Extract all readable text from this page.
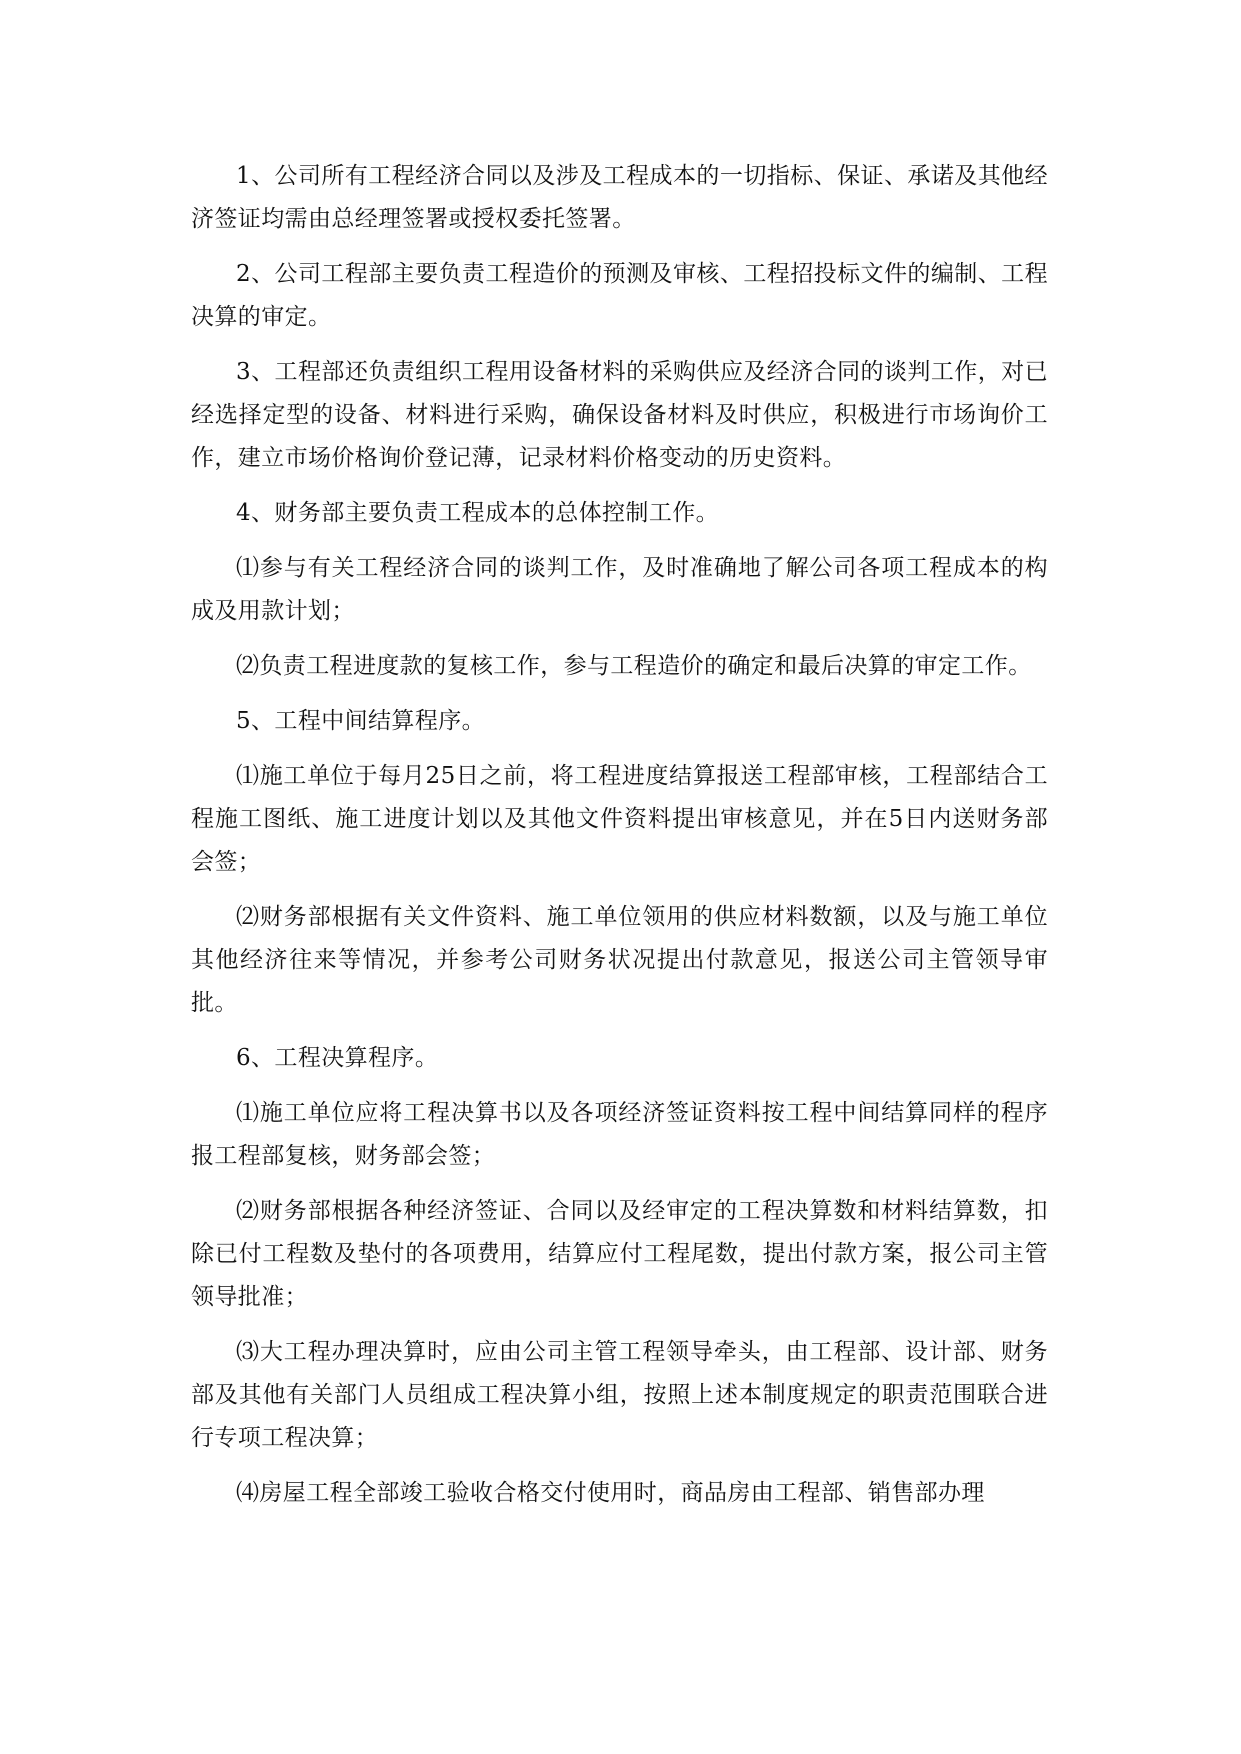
1、公司所有工程经济合同以及涉及工程成本的一切指标、保证、承诺及其他经济签证均需由总经理签署或授权委托签署。

2、公司工程部主要负责工程造价的预测及审核、工程招投标文件的编制、工程决算的审定。

3、工程部还负责组织工程用设备材料的采购供应及经济合同的谈判工作，对已经选择定型的设备、材料进行采购，确保设备材料及时供应，积极进行市场询价工作，建立市场价格询价登记薄，记录材料价格变动的历史资料。

4、财务部主要负责工程成本的总体控制工作。

⑴参与有关工程经济合同的谈判工作，及时准确地了解公司各项工程成本的构成及用款计划；

⑵负责工程进度款的复核工作，参与工程造价的确定和最后决算的审定工作。

5、工程中间结算程序。

⑴施工单位于每月25日之前，将工程进度结算报送工程部审核，工程部结合工程施工图纸、施工进度计划以及其他文件资料提出审核意见，并在5日内送财务部会签；

⑵财务部根据有关文件资料、施工单位领用的供应材料数额，以及与施工单位其他经济往来等情况，并参考公司财务状况提出付款意见，报送公司主管领导审批。

6、工程决算程序。

⑴施工单位应将工程决算书以及各项经济签证资料按工程中间结算同样的程序报工程部复核，财务部会签；

⑵财务部根据各种经济签证、合同以及经审定的工程决算数和材料结算数，扣除已付工程数及垫付的各项费用，结算应付工程尾数，提出付款方案，报公司主管领导批准；

⑶大工程办理决算时，应由公司主管工程领导牵头，由工程部、设计部、财务部及其他有关部门人员组成工程决算小组，按照上述本制度规定的职责范围联合进行专项工程决算；

⑷房屋工程全部竣工验收合格交付使用时，商品房由工程部、销售部办理
